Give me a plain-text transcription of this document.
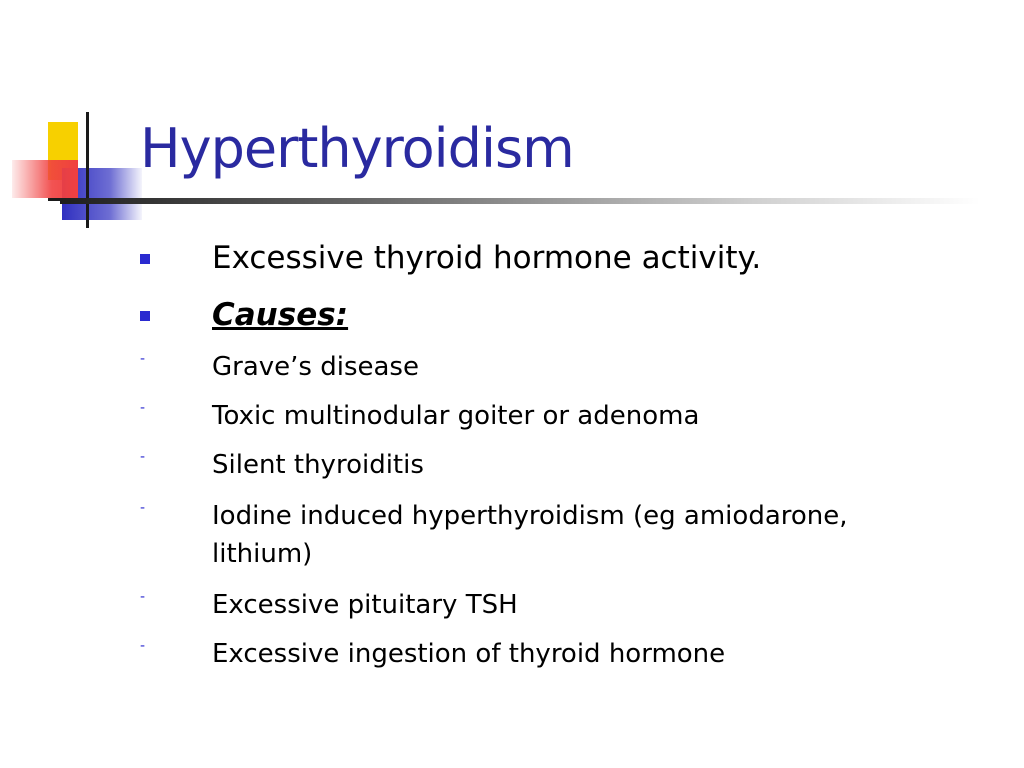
Hyperthyroidism
Excessive thyroid hormone activity.
Causes:
-	Grave’s disease
-	Toxic multinodular goiter or adenoma
-	Silent thyroiditis
-	Iodine induced hyperthyroidism (eg amiodarone,
lithium)
-	Excessive pituitary TSH
-	Excessive ingestion of thyroid hormone
